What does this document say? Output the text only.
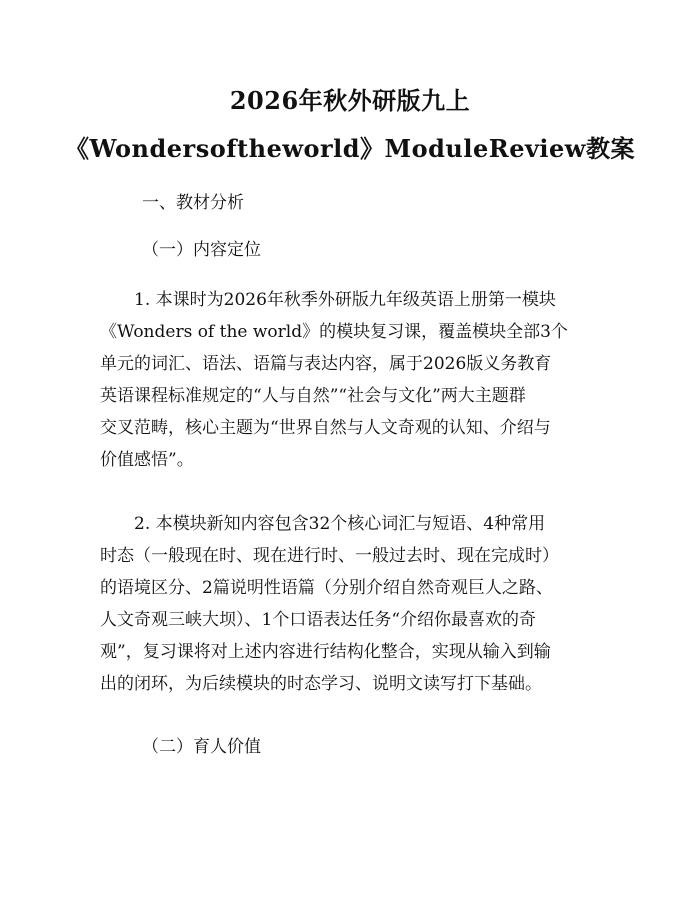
2026年秋外研版九上
《Wondersoftheworld》ModuleReview教案
一、教材分析
（一）内容定位
1. 本课时为2026年秋季外研版九年级英语上册第一模块
《Wonders of the world》的模块复习课，覆盖模块全部3个
单元的词汇、语法、语篇与表达内容，属于2026版义务教育
英语课程标准规定的“人与自然”“社会与文化”两大主题群
交叉范畴，核心主题为“世界自然与人文奇观的认知、介绍与
价值感悟”。
2. 本模块新知内容包含32个核心词汇与短语、4种常用
时态（一般现在时、现在进行时、一般过去时、现在完成时）
的语境区分、2篇说明性语篇（分别介绍自然奇观巨人之路、
人文奇观三峡大坝）、1个口语表达任务“介绍你最喜欢的奇
观”，复习课将对上述内容进行结构化整合，实现从输入到输
出的闭环，为后续模块的时态学习、说明文读写打下基础。
（二）育人价值
